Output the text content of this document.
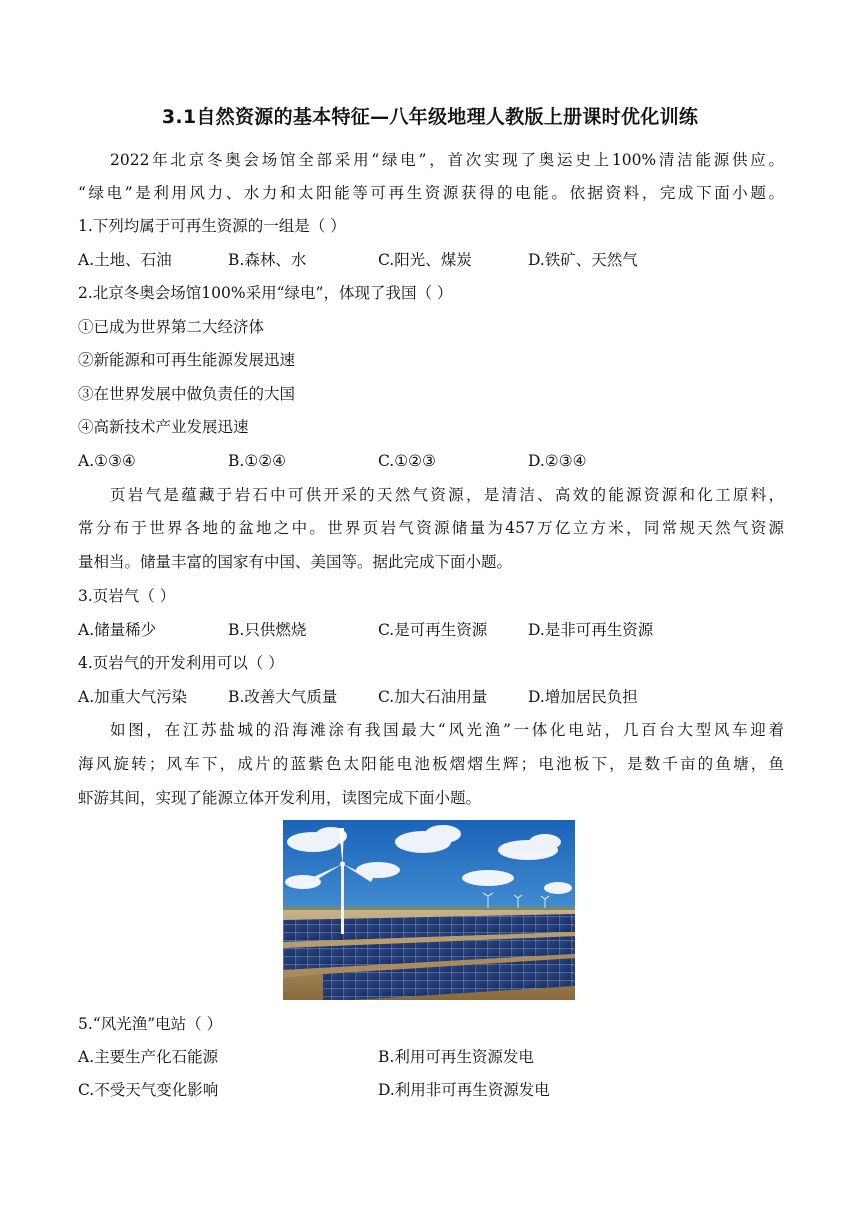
3.1自然资源的基本特征—八年级地理人教版上册课时优化训练
2022年北京冬奥会场馆全部采用“绿电”，首次实现了奥运史上100%清洁能源供应。
“绿电”是利用风力、水力和太阳能等可再生资源获得的电能。依据资料，完成下面小题。
1.下列均属于可再生资源的一组是（ ）
A.土地、石油	B.森林、水	C.阳光、煤炭	D.铁矿、天然气
2.北京冬奥会场馆100%采用“绿电”，体现了我国（ ）
①已成为世界第二大经济体
②新能源和可再生能源发展迅速
③在世界发展中做负责任的大国
④高新技术产业发展迅速
A.①③④	B.①②④	C.①②③	D.②③④
页岩气是蕴藏于岩石中可供开采的天然气资源，是清洁、高效的能源资源和化工原料，
常分布于世界各地的盆地之中。世界页岩气资源储量为457万亿立方米，同常规天然气资源
量相当。储量丰富的国家有中国、美国等。据此完成下面小题。
3.页岩气（ ）
A.储量稀少	B.只供燃烧	C.是可再生资源	D.是非可再生资源
4.页岩气的开发利用可以（ ）
A.加重大气污染	B.改善大气质量	C.加大石油用量	D.增加居民负担
如图，在江苏盐城的沿海滩涂有我国最大“风光渔”一体化电站，几百台大型风车迎着
海风旋转；风车下，成片的蓝紫色太阳能电池板熠熠生辉；电池板下，是数千亩的鱼塘，鱼
虾游其间，实现了能源立体开发利用，读图完成下面小题。
5.“风光渔”电站（ ）
A.主要生产化石能源	B.利用可再生资源发电
C.不受天气变化影响	D.利用非可再生资源发电
